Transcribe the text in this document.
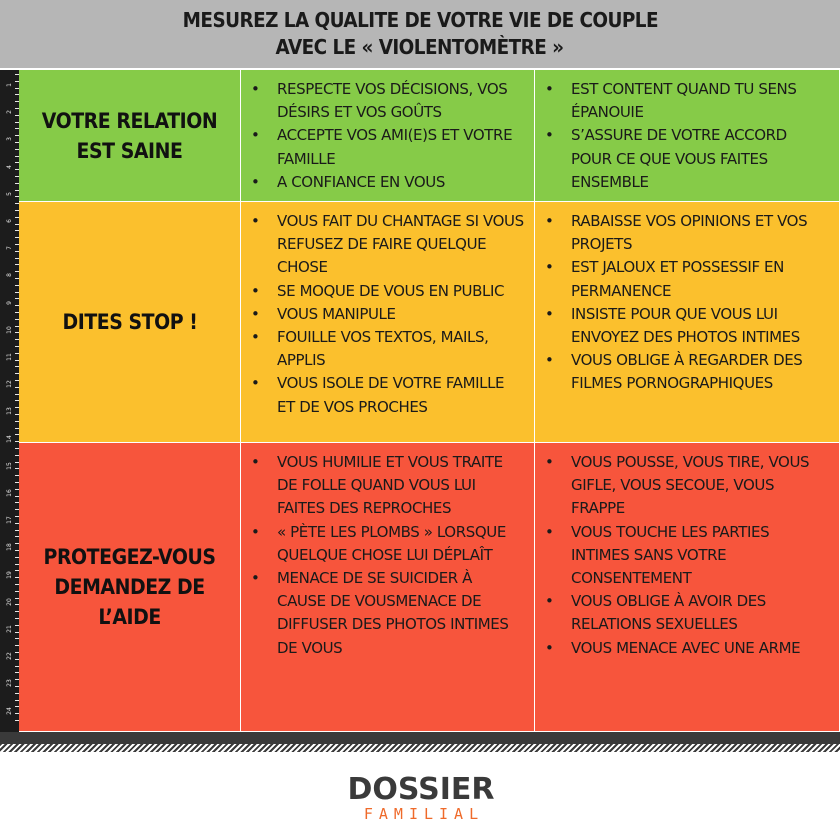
MESUREZ LA QUALITE DE VOTRE VIE DE COUPLE
AVEC LE « VIOLENTOMÈTRE »
1
2
3
4
5
6
7
8
9
10
11
12
13
14
15
16
17
18
19
20
21
22
23
24
VOTRE RELATION
EST SAINE
• RESPECTE VOS DÉCISIONS, VOS DÉSIRS ET VOS GOÛTS
• ACCEPTE VOS AMI(E)S ET VOTRE FAMILLE
• A CONFIANCE EN VOUS
• EST CONTENT QUAND TU SENS ÉPANOUIE
• S’ASSURE DE VOTRE ACCORD POUR CE QUE VOUS FAITES ENSEMBLE
DITES STOP !
• VOUS FAIT DU CHANTAGE SI VOUS REFUSEZ DE FAIRE QUELQUE CHOSE
• SE MOQUE DE VOUS EN PUBLIC
• VOUS MANIPULE
• FOUILLE VOS TEXTOS, MAILS, APPLIS
• VOUS ISOLE DE VOTRE FAMILLE ET DE VOS PROCHES
• RABAISSE VOS OPINIONS ET VOS PROJETS
• EST JALOUX ET POSSESSIF EN PERMANENCE
• INSISTE POUR QUE VOUS LUI ENVOYEZ DES PHOTOS INTIMES
• VOUS OBLIGE À REGARDER DES FILMES PORNOGRAPHIQUES
PROTEGEZ-VOUS
DEMANDEZ DE
L’AIDE
• VOUS HUMILIE ET VOUS TRAITE DE FOLLE QUAND VOUS LUI FAITES DES REPROCHES
• « PÈTE LES PLOMBS » LORSQUE QUELQUE CHOSE LUI DÉPLAÎT
• MENACE DE SE SUICIDER À CAUSE DE VOUSMENACE DE DIFFUSER DES PHOTOS INTIMES DE VOUS
• VOUS POUSSE, VOUS TIRE, VOUS GIFLE, VOUS SECOUE, VOUS FRAPPE
• VOUS TOUCHE LES PARTIES INTIMES SANS VOTRE CONSENTEMENT
• VOUS OBLIGE À AVOIR DES RELATIONS SEXUELLES
• VOUS MENACE AVEC UNE ARME
DOSSIER
FAMILIAL
